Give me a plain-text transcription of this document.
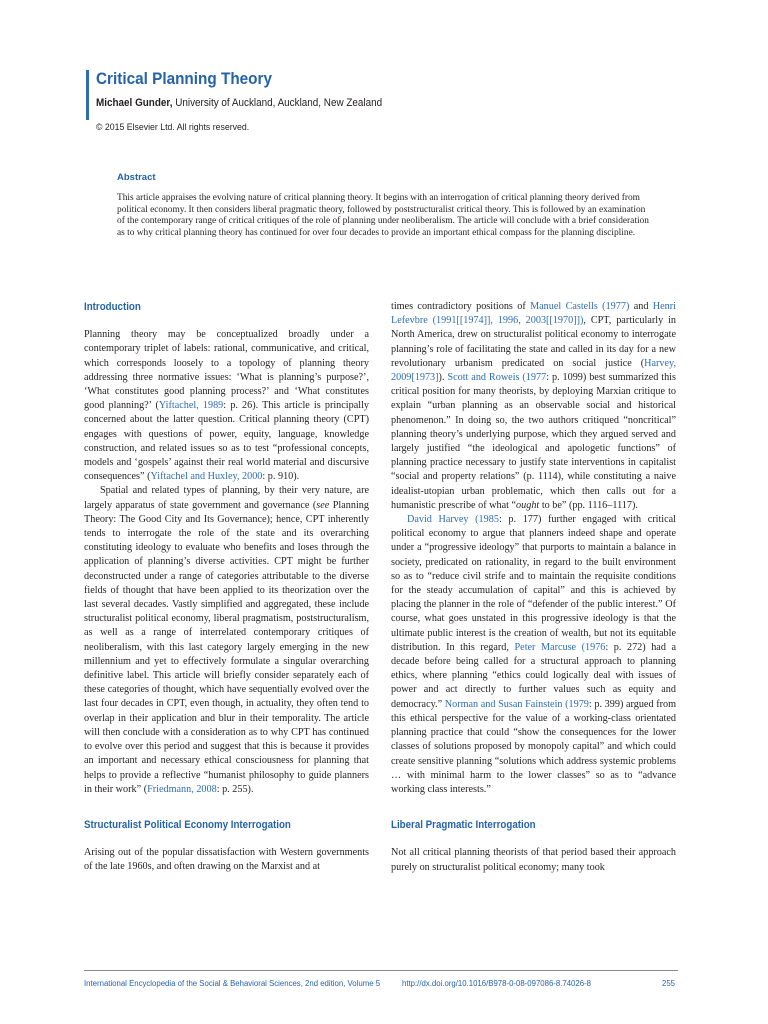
Critical Planning Theory
Michael Gunder, University of Auckland, Auckland, New Zealand
© 2015 Elsevier Ltd. All rights reserved.
Abstract
This article appraises the evolving nature of critical planning theory. It begins with an interrogation of critical planning theory derived from political economy. It then considers liberal pragmatic theory, followed by poststructuralist critical theory. This is followed by an examination of the contemporary range of critical critiques of the role of planning under neoliberalism. The article will conclude with a brief consideration as to why critical planning theory has continued for over four decades to provide an important ethical compass for the planning discipline.
Introduction

Planning theory may be conceptualized broadly under a contemporary triplet of labels: rational, communicative, and critical, which corresponds loosely to a topology of planning theory addressing three normative issues: ‘What is planning’s purpose?’, ‘What constitutes good planning process?’ and ‘What constitutes good planning?’ (Yiftachel, 1989: p. 26). This article is principally concerned about the latter question. Critical planning theory (CPT) engages with questions of power, equity, language, knowledge construction, and related issues so as to test “professional concepts, models and ‘gospels’ against their real world material and discursive consequences” (Yiftachel and Huxley, 2000: p. 910).

Spatial and related types of planning, by their very nature, are largely apparatus of state government and governance (see Planning Theory: The Good City and Its Governance); hence, CPT inherently tends to interrogate the role of the state and its overarching constituting ideology to evaluate who benefits and loses through the application of planning’s diverse activities. CPT might be further deconstructed under a range of categories attributable to the diverse fields of thought that have been applied to its theorization over the last several decades. Vastly simplified and aggregated, these include structuralist political economy, liberal pragmatism, poststructuralism, as well as a range of interrelated contemporary critiques of neoliberalism, with this last category largely emerging in the new millennium and yet to effectively formulate a singular overarching definitive label. This article will briefly consider separately each of these categories of thought, which have sequentially evolved over the last four decades in CPT, even though, in actuality, they often tend to overlap in their application and blur in their temporality. The article will then conclude with a consideration as to why CPT has continued to evolve over this period and suggest that this is because it provides an important and necessary ethical consciousness for planning that helps to provide a reflective “humanist philosophy to guide planners in their work” (Friedmann, 2008: p. 255).

Structuralist Political Economy Interrogation

Arising out of the popular dissatisfaction with Western governments of the late 1960s, and often drawing on the Marxist and at

times contradictory positions of Manuel Castells (1977) and Henri Lefevbre (1991[[1974]], 1996, 2003[[1970]]), CPT, particularly in North America, drew on structuralist political economy to interrogate planning’s role of facilitating the state and called in its day for a new revolutionary urbanism predicated on social justice (Harvey, 2009[1973]). Scott and Roweis (1977: p. 1099) best summarized this critical position for many theorists, by deploying Marxian critique to explain “urban planning as an observable social and historical phenomenon.” In doing so, the two authors critiqued “noncritical” planning theory’s underlying purpose, which they argued served and largely justified “the ideological and apologetic functions” of planning practice necessary to justify state interventions in capitalist “social and property relations” (p. 1114), while constituting a naive idealist-utopian urban problematic, which then calls out for a humanistic prescribe of what “ought to be” (pp. 1116–1117).

David Harvey (1985: p. 177) further engaged with critical political economy to argue that planners indeed shape and operate under a “progressive ideology” that purports to maintain a balance in society, predicated on rationality, in regard to the built environment so as to “reduce civil strife and to maintain the requisite conditions for the steady accumulation of capital” and this is achieved by placing the planner in the role of “defender of the public interest.” Of course, what goes unstated in this progressive ideology is that the ultimate public interest is the creation of wealth, but not its equitable distribution. In this regard, Peter Marcuse (1976: p. 272) had a decade before being called for a structural approach to planning ethics, where planning “ethics could logically deal with issues of power and act directly to further values such as equity and democracy.” Norman and Susan Fainstein (1979: p. 399) argued from this ethical perspective for the value of a working-class orientated planning practice that could “show the consequences for the lower classes of solutions proposed by monopoly capital” and which could create sensitive planning “solutions which address systemic problems … with minimal harm to the lower classes” so as to “advance working class interests.”

Liberal Pragmatic Interrogation

Not all critical planning theorists of that period based their approach purely on structuralist political economy; many took

International Encyclopedia of the Social & Behavioral Sciences, 2nd edition, Volume 5	http://dx.doi.org/10.1016/B978-0-08-097086-8.74026-8	255
